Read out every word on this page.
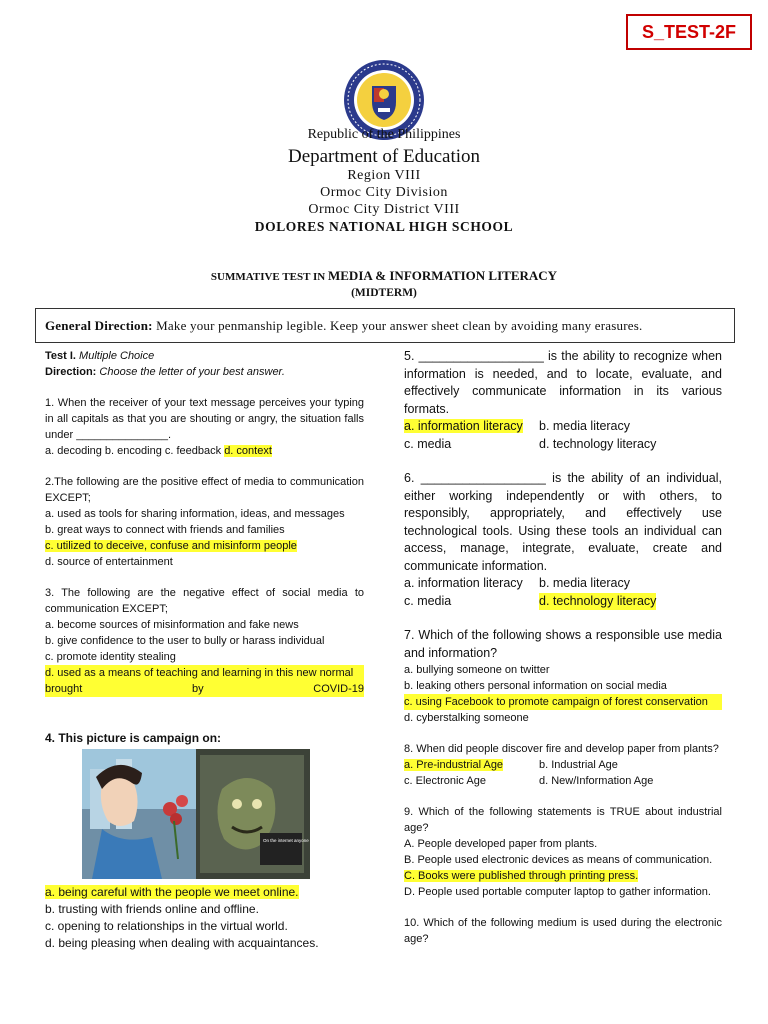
S_TEST-2F
Republic of the Philippines
Department of Education
Region VIII
Ormoc City Division
Ormoc City District VIII
DOLORES NATIONAL HIGH SCHOOL
SUMMATIVE TEST IN MEDIA & INFORMATION LITERACY
(MIDTERM)
General Direction: Make your penmanship legible. Keep your answer sheet clean by avoiding many erasures.

Test I. Multiple Choice

Direction: Choose the letter of your best answer.

1. When the receiver of your text message perceives your typing in all capitals as that you are shouting or angry, the situation falls under _______________.

a. decoding b. encoding c. feedback d. context

2.The following are the positive effect of media to communication EXCEPT;

a. used as tools for sharing information, ideas, and messages

b. great ways to connect with friends and families

c. utilized to deceive, confuse and misinform people

d. source of entertainment

3. The following are the negative effect of social media to communication EXCEPT;

a. become sources of misinformation and fake news

b. give confidence to the user to bully or harass individual

c. promote identity stealing

d. used as a means of teaching and learning in this new normal

brought	by	COVID-19

4. This picture is campaign on:
On the internet anyone can be who they say they are

a. being careful with the people we meet online.

b. trusting with friends online and offline.

c. opening to relationships in the virtual world.

d. being pleasing when dealing with acquaintances.

5. __________________ is the ability to recognize when information is needed, and to locate, evaluate, and effectively communicate information in its various formats.

a. information literacy	b. media literacy

c. media	d. technology literacy

6. __________________ is the ability of an individual, either working independently or with others, to responsibly, appropriately, and effectively use technological tools. Using these tools an individual can access, manage, integrate, evaluate, create and communicate information.

a. information literacy	b. media literacy

c. media	d. technology literacy

7. Which of the following shows a responsible use media and information?

a. bullying someone on twitter

b. leaking others personal information on social media

c. using Facebook to promote campaign of forest conservation

d. cyberstalking someone

8. When did people discover fire and develop paper from plants?

a. Pre-industrial Age	b. Industrial Age

c. Electronic Age	d. New/Information Age

9. Which of the following statements is TRUE about industrial age?

A. People developed paper from plants.

B. People used electronic devices as means of communication.

C. Books were published through printing press.

D. People used portable computer laptop to gather information.

10. Which of the following medium is used during the electronic age?
